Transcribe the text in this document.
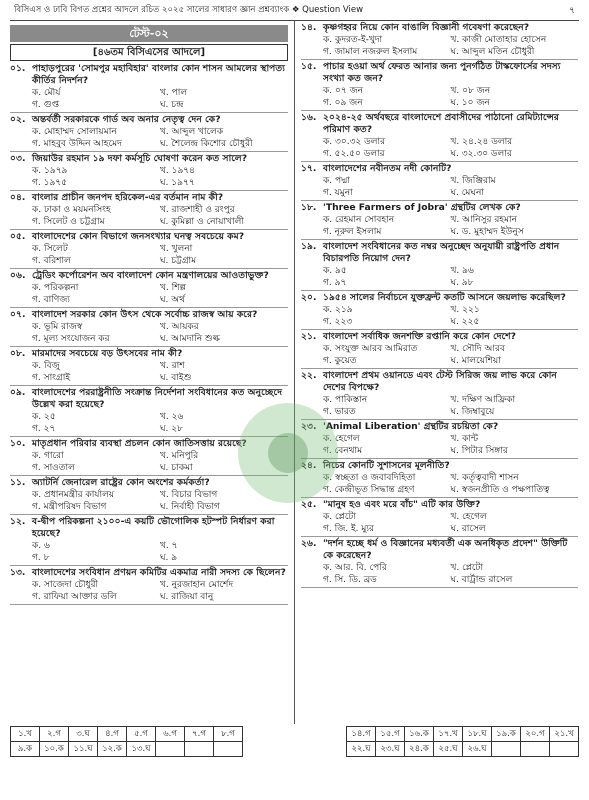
বিসিএস ও ঢাবি বিগত প্রশ্নের আদলে রচিত ২০২৫ সালের সাধারণ জ্ঞান প্রশ্নব্যাংক ❖ Question View	৭
টেস্ট-০২
[৪৬তম বিসিএসের আদলে]
০১. পাহাড়পুরের 'সোমপুর মহাবিহার' বাংলার কোন শাসন আমলের স্থাপত্য কীর্তির নিদর্শন?
ক. মৌর্য	খ. পাল
গ. গুপ্ত	ঘ. চন্দ্র
০২. অন্তর্বর্তী সরকারকে গার্ড অব অনার নেতৃত্ব দেন কে?
ক. মোহাম্মদ সোলায়মান	খ. আব্দুল খালেক
গ. মাহবুব উদ্দিন আহমেদ	ঘ. শৈলেন্দ্র কিশোর চৌধুরী
০৩. জিয়াউর রহমান ১৯ দফা কর্মসূচি ঘোষণা করেন কত সালে?
ক. ১৯৭৯	খ. ১৯৭৪
গ. ১৯৭৫	ঘ. ১৯৭৭
০৪. বাংলার প্রাচীন জনপদ হরিকেল-এর বর্তমান নাম কী?
ক. ঢাকা ও ময়মনসিংহ	খ. রাজশাহী ও রংপুর
গ. সিলেট ও চট্টগ্রাম	ঘ. কুমিল্লা ও নোয়াখালী
০৫. বাংলাদেশের কোন বিভাগে জনসংখ্যার ঘনত্ব সবচেয়ে কম?
ক. সিলেট	খ. খুলনা
গ. বরিশাল	ঘ. চট্টগ্রাম
০৬. ট্রেডিং কর্পোরেশন অব বাংলাদেশ কোন মন্ত্রণালয়ের আওতাভুক্ত?
ক. পরিকল্পনা	খ. শিল্প
গ. বাণিজ্য	ঘ. অর্থ
০৭. বাংলাদেশ সরকার কোন উৎস থেকে সর্বোচ্চ রাজস্ব আয় করে?
ক. ভূমি রাজস্ব	খ. আয়কর
গ. মূল্য সংযোজন কর	ঘ. আমদানি শুল্ক
০৮. মারমাদের সবচেয়ে বড় উৎসবের নাম কী?
ক. বিজু	খ. রাশ
গ. সাংগ্রাই	ঘ. বাইশু
০৯. বাংলাদেশের পররাষ্ট্রনীতি সংক্রান্ত নির্দেশনা সংবিধানের কত অনুচ্ছেদে উল্লেখ করা হয়েছে?
ক. ২৫	খ. ২৬
গ. ২৭	ঘ. ২৮
১০. মাতৃপ্রধান পরিবার ব্যবস্থা প্রচলন কোন জাতিসত্তায় রয়েছে?
ক. গারো	খ. মনিপুরি
গ. সাওতাল	ঘ. চাকমা
১১. অ্যাটর্নি জেনারেল রাষ্ট্রের কোন অংশের কর্মকর্তা?
ক. প্রধানমন্ত্রীর কার্যালয়	খ. বিচার বিভাগ
গ. মন্ত্রীপরিষদ বিভাগ	ঘ. নির্বাহী বিভাগ
১২. ব-দ্বীপ পরিকল্পনা ২১০০-এ কয়টি ভৌগোলিক হটস্পট নির্ধারণ করা হয়েছে?
ক. ৬	খ. ৭
গ. ৮	ঘ. ৯
১৩. বাংলাদেশের সংবিধান প্রণয়ন কমিটির একমাত্র নারী সদস্য কে ছিলেন?
ক. সাজেদা চৌধুরী	খ. নুরজাহান মোর্শেদ
গ. রাফিয়া আক্তার ডলি	ঘ. রাজিয়া বানু
১৪. কৃষ্ণগহ্বর নিয়ে কোন বাঙালি বিজ্ঞানী গবেষণা করেছেন?
ক. কুদরত-ই-খুদা	খ. কাজী মোতাহার হোসেন
গ. জামাল নজরুল ইসলাম	ঘ. আব্দুল মতিন চৌধুরী
১৫. পাচার হওয়া অর্থ ফেরত আনার জন্য পুনর্গঠিত টাস্কফোর্সের সদস্য সংখ্যা কত জন?
ক. ০৭ জন	খ. ০৮ জন
গ. ০৯ জন	ঘ. ১০ জন
১৬. ২০২৪-২৫ অর্থবছরে বাংলাদেশে প্রবাসীদের পাঠানো রেমিট্যান্সের পরিমাণ কত?
ক. ৩০.৩২ ডলার	খ. ২৪.২৪ ডলার
গ. ৫২.৫০ ডলার	ঘ. ৩২.৩০ ডলার
১৭. বাংলাদেশের নবীনতম নদী কোনটি?
ক. পদ্মা	খ. জিঞ্জিরাম
গ. যমুনা	ঘ. মেঘনা
১৮. 'Three Farmers of Jobra' গ্রন্থটির লেখক কে?
ক. রেহমান সোবহান	খ. আনিসুর রহমান
গ. নূরুল ইসলাম	ঘ. ড. মুহাম্মদ ইউনুস
১৯. বাংলাদেশ সংবিধানের কত নম্বর অনুচ্ছেদ অনুযায়ী রাষ্ট্রপতি প্রধান বিচারপতি নিয়োগ দেন?
ক. ৯৫	খ. ৯৬
গ. ৯৭	ঘ. ৯৮
২০. ১৯৫৪ সালের নির্বাচনে যুক্তফ্রন্ট কতটি আসনে জয়লাভ করেছিল?
ক. ২১৯	খ. ২২১
গ. ২২৩	ঘ. ২২৫
২১. বাংলাদেশ সর্বাধিক জনশক্তি রপ্তানি করে কোন দেশে?
ক. সংযুক্ত আরব আমিরাত	খ. সৌদি আরব
গ. কুয়েত	ঘ. মালয়েশিয়া
২২. বাংলাদেশ প্রথম ওয়ানডে এবং টেস্ট সিরিজ জয় লাভ করে কোন দেশের বিপক্ষে?
ক. পাকিস্তান	খ. দক্ষিণ আফ্রিকা
গ. ভারত	ঘ. জিম্বাবুয়ে
২৩. 'Animal Liberation' গ্রন্থটির রচয়িতা কে?
ক. হেগেল	খ. কান্ট
গ. বেনথাম	ঘ. পিটার সিঙ্গার
২৪. নিচের কোনটি সুশাসনের মূলনীতি?
ক. স্বচ্ছতা ও জবাবদিহিতা	খ. কর্তৃত্ববাদী শাসন
গ. কেন্দ্রীভূত সিদ্ধান্ত গ্রহণ	ঘ. স্বজনপ্রীতি ও পক্ষপাতিত্ব
২৫. "মানুষ হও এবং মরে বাঁচ" এটি কার উক্তি?
ক. প্লেটো	খ. হেগেল
গ. জি. ই. ম্যুর	ঘ. রাসেল
২৬. "দর্শন হচ্ছে ধর্ম ও বিজ্ঞানের মধ্যবর্তী এক অনধিকৃত প্রদেশ" উক্তিটি কে করেছেন?
ক. আর. বি. পেরি	খ. প্লেটো
গ. সি. ডি. ব্রড	ঘ. বার্ট্রান্ড রাসেল
১.খ	২.গ	৩.ঘ	৪.গ	৫.গ	৬.গ	৭.গ	৮.গ
৯.ক	১০.ক	১১.ঘ	১২.ক	১৩.ঘ			
১৪.গ	১৫.গ	১৬.ক	১৭.খ	১৮.ঘ	১৯.ক	২০.গ	২১.খ
২২.ঘ	২৩.ঘ	২৪.ক	২৫.ঘ	২৬.ঘ			
